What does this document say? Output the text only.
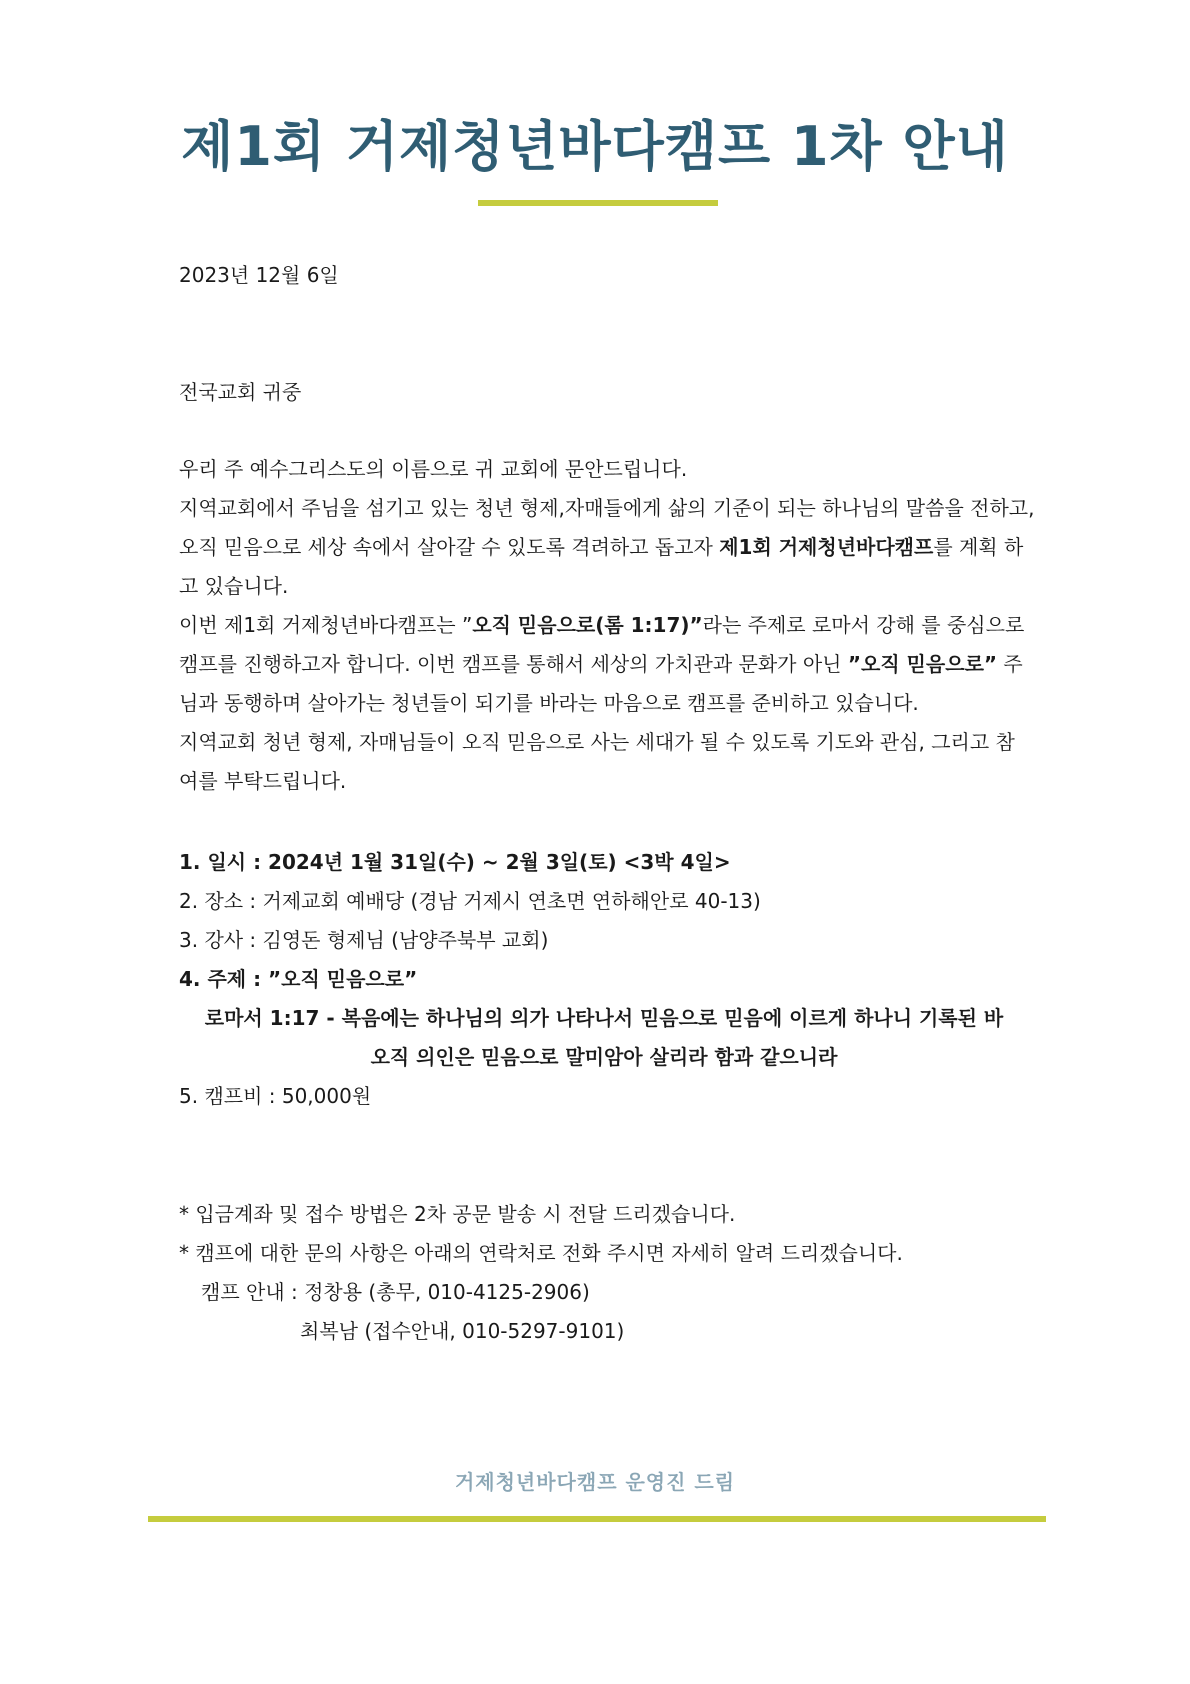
제1회 거제청년바다캠프 1차 안내
2023년 12월 6일
전국교회 귀중

우리 주 예수그리스도의 이름으로 귀 교회에 문안드립니다.

지역교회에서 주님을 섬기고 있는 청년 형제,자매들에게 삶의 기준이 되는 하나님의 말씀을 전하고,

오직 믿음으로 세상 속에서 살아갈 수 있도록 격려하고 돕고자 제1회 거제청년바다캠프를 계획 하

고 있습니다.

이번 제1회 거제청년바다캠프는 ”오직 믿음으로(롬 1:17)”라는 주제로 로마서 강해 를 중심으로

캠프를 진행하고자 합니다. 이번 캠프를 통해서 세상의 가치관과 문화가 아닌 ”오직 믿음으로” 주

님과 동행하며 살아가는 청년들이 되기를 바라는 마음으로 캠프를 준비하고 있습니다.

지역교회 청년 형제, 자매님들이 오직 믿음으로 사는 세대가 될 수 있도록 기도와 관심, 그리고 참

여를 부탁드립니다.

1. 일시 : 2024년 1월 31일(수) ~ 2월 3일(토) <3박 4일>
2. 장소 : 거제교회 예배당 (경남 거제시 연초면 연하해안로 40-13)
3. 강사 : 김영돈 형제님 (남양주북부 교회)
4. 주제 : ”오직 믿음으로”
로마서 1:17 - 복음에는 하나님의 의가 나타나서 믿음으로 믿음에 이르게 하나니 기록된 바
오직 의인은 믿음으로 말미암아 살리라 함과 같으니라
5. 캠프비 : 50,000원
* 입금계좌 및 접수 방법은 2차 공문 발송 시 전달 드리겠습니다.
* 캠프에 대한 문의 사항은 아래의 연락처로 전화 주시면 자세히 알려 드리겠습니다.
캠프 안내 : 정창용 (총무, 010-4125-2906)
최복남 (접수안내, 010-5297-9101)
거제청년바다캠프 운영진 드림
